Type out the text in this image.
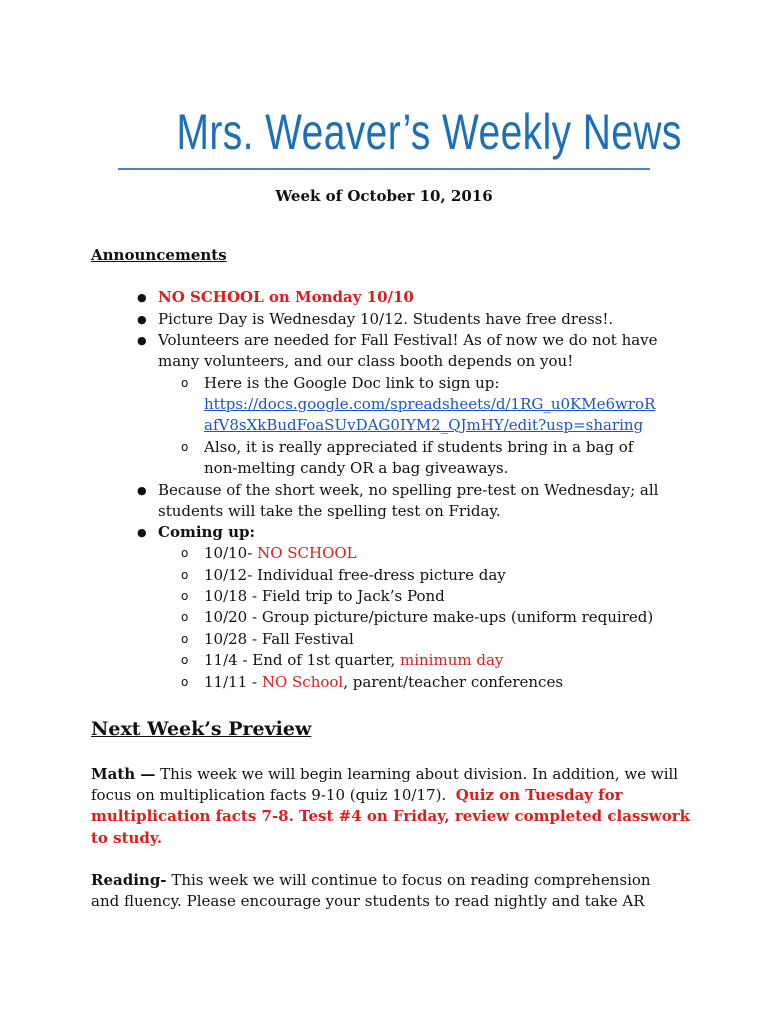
Mrs. Weaver’s Weekly News
Week of October 10, 2016
Announcements
● NO SCHOOL on Monday 10/10
● Picture Day is Wednesday 10/12. Students have free dress!.
● Volunteers are needed for Fall Festival! As of now we do not have
many volunteers, and our class booth depends on you!
o Here is the Google Doc link to sign up:
https://docs.google.com/spreadsheets/d/1RG_u0KMe6wroR
afV8sXkBudFoaSUvDAG0IYM2_QJmHY/edit?usp=sharing
o Also, it is really appreciated if students bring in a bag of
non-melting candy OR a bag giveaways.
● Because of the short week, no spelling pre-test on Wednesday; all
students will take the spelling test on Friday.
● Coming up:
o 10/10- NO SCHOOL
o 10/12- Individual free-dress picture day
o 10/18 - Field trip to Jack’s Pond
o 10/20 - Group picture/picture make-ups (uniform required)
o 10/28 - Fall Festival
o 11/4 - End of 1st quarter, minimum day
o 11/11 - NO School, parent/teacher conferences
Next Week’s Preview
Math — This week we will begin learning about division. In addition, we will
focus on multiplication facts 9-10 (quiz 10/17). Quiz on Tuesday for
multiplication facts 7-8. Test #4 on Friday, review completed classwork
to study.
Reading- This week we will continue to focus on reading comprehension
and fluency. Please encourage your students to read nightly and take AR
